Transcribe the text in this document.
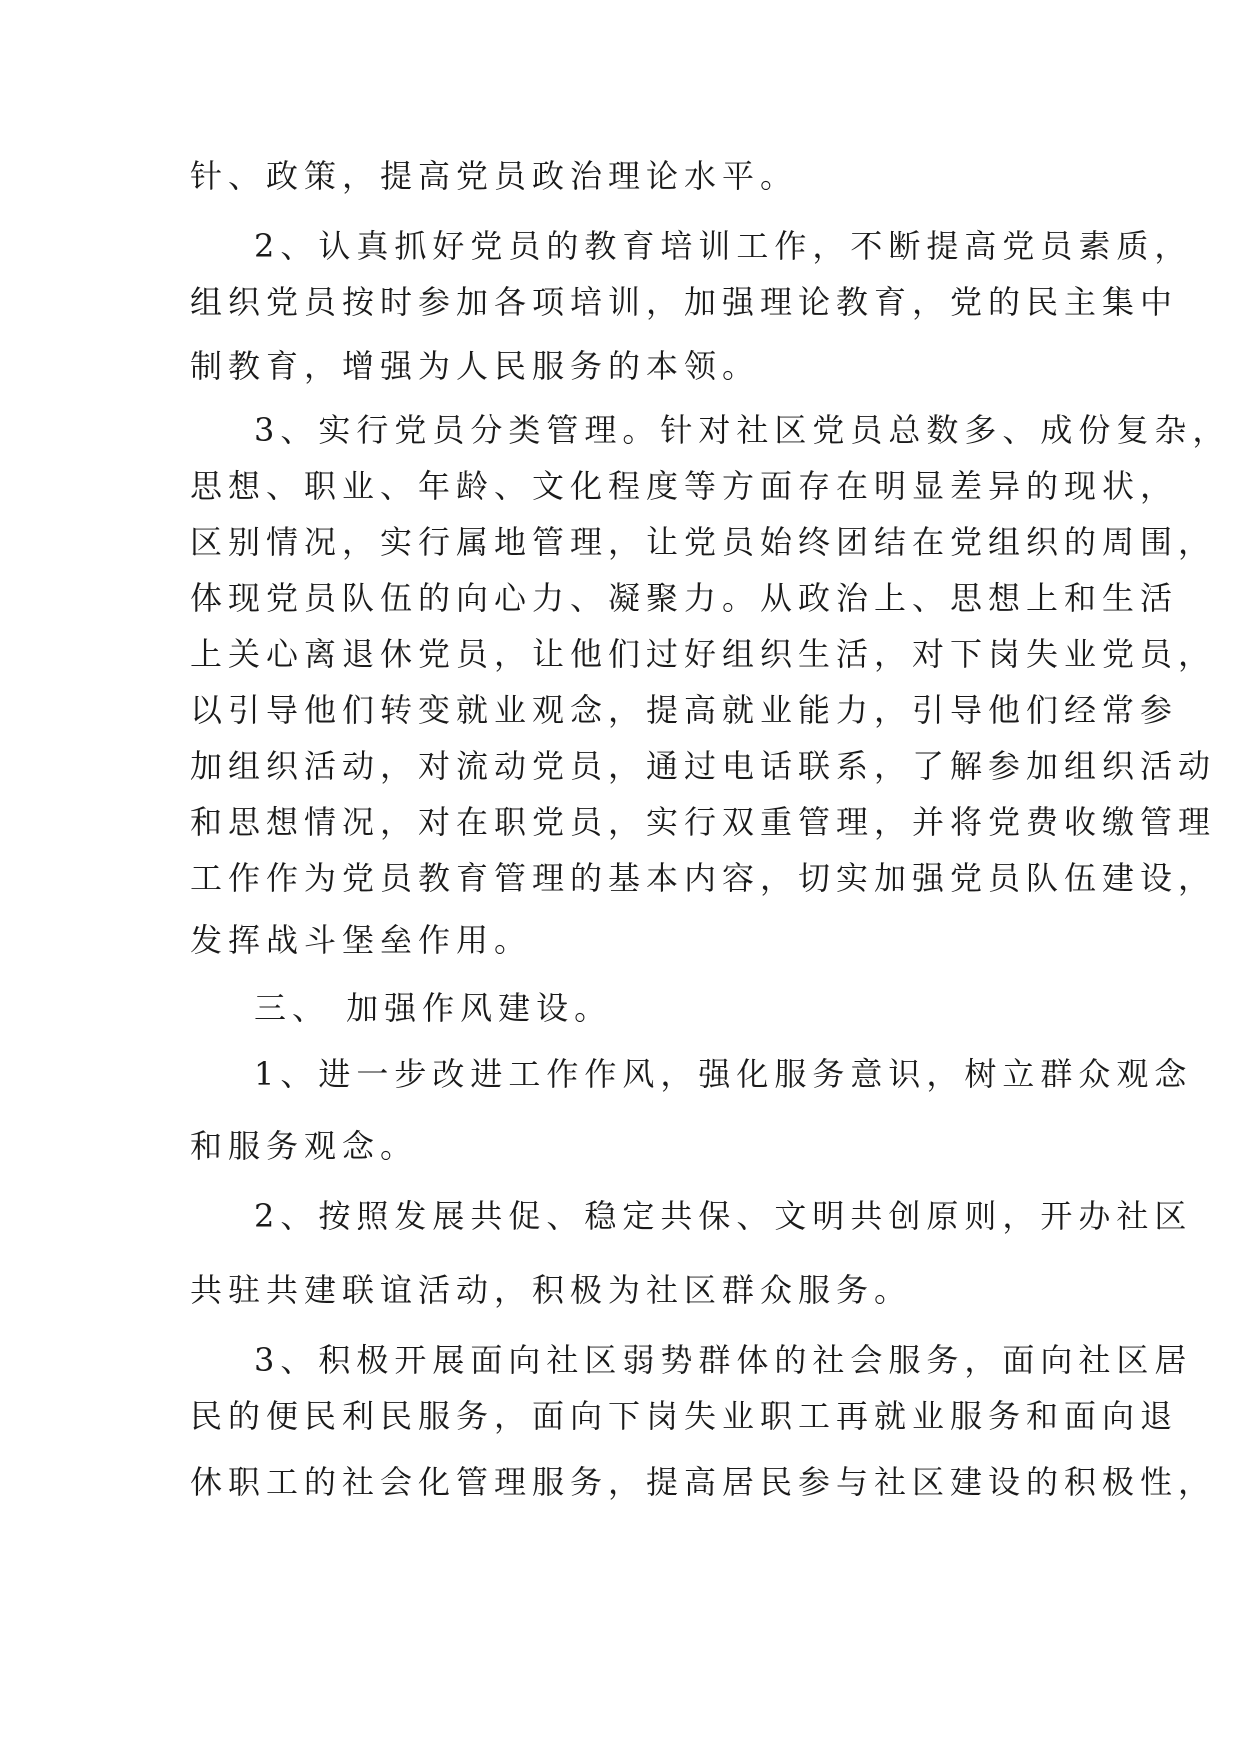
针、政策，提高党员政治理论水平。
2、认真抓好党员的教育培训工作，不断提高党员素质，
组织党员按时参加各项培训，加强理论教育，党的民主集中
制教育，增强为人民服务的本领。
3、实行党员分类管理。针对社区党员总数多、成份复杂，
思想、职业、年龄、文化程度等方面存在明显差异的现状，
区别情况，实行属地管理，让党员始终团结在党组织的周围，
体现党员队伍的向心力、凝聚力。从政治上、思想上和生活
上关心离退休党员，让他们过好组织生活，对下岗失业党员，
以引导他们转变就业观念，提高就业能力，引导他们经常参
加组织活动，对流动党员，通过电话联系，了解参加组织活动
和思想情况，对在职党员，实行双重管理，并将党费收缴管理
工作作为党员教育管理的基本内容，切实加强党员队伍建设，
发挥战斗堡垒作用。
三、 加强作风建设。
1、进一步改进工作作风，强化服务意识，树立群众观念
和服务观念。
2、按照发展共促、稳定共保、文明共创原则，开办社区
共驻共建联谊活动，积极为社区群众服务。
3、积极开展面向社区弱势群体的社会服务，面向社区居
民的便民利民服务，面向下岗失业职工再就业服务和面向退
休职工的社会化管理服务，提高居民参与社区建设的积极性，
